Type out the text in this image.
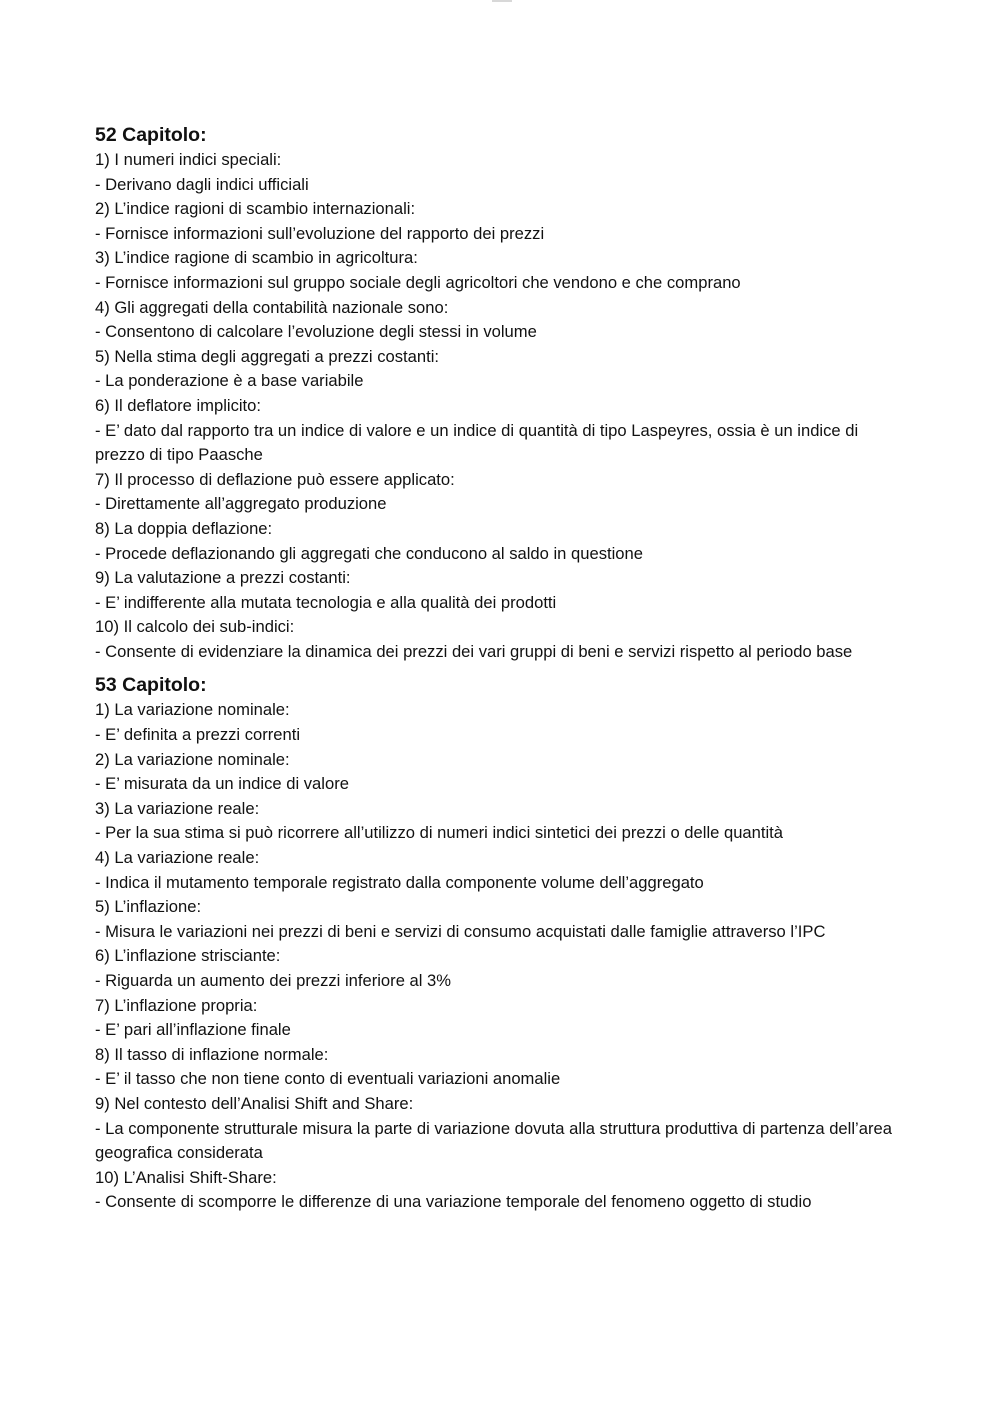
52 Capitolo:
1) I numeri indici speciali:
- Derivano dagli indici ufficiali
2) L’indice ragioni di scambio internazionali:
- Fornisce informazioni sull’evoluzione del rapporto dei prezzi
3) L’indice ragione di scambio in agricoltura:
- Fornisce informazioni sul gruppo sociale degli agricoltori che vendono e che comprano
4) Gli aggregati della contabilità nazionale sono:
- Consentono di calcolare l’evoluzione degli stessi in volume
5) Nella stima degli aggregati a prezzi costanti:
- La ponderazione è a base variabile
6) Il deflatore implicito:
- E’ dato dal rapporto tra un indice di valore e un indice di quantità di tipo Laspeyres, ossia è un indice di prezzo di tipo Paasche
7) Il processo di deflazione può essere applicato:
- Direttamente all’aggregato produzione
8) La doppia deflazione:
- Procede deflazionando gli aggregati che conducono al saldo in questione
9) La valutazione a prezzi costanti:
- E’ indifferente alla mutata tecnologia e alla qualità dei prodotti
10) Il calcolo dei sub-indici:
- Consente di evidenziare la dinamica dei prezzi dei vari gruppi di beni e servizi rispetto al periodo base
53 Capitolo:
1) La variazione nominale:
- E’ definita a prezzi correnti
2) La variazione nominale:
- E’ misurata da un indice di valore
3) La variazione reale:
- Per la sua stima si può ricorrere all’utilizzo di numeri indici sintetici dei prezzi o delle quantità
4) La variazione reale:
- Indica il mutamento temporale registrato dalla componente volume dell’aggregato
5) L’inflazione:
- Misura le variazioni nei prezzi di beni e servizi di consumo acquistati dalle famiglie attraverso l’IPC
6) L’inflazione strisciante:
- Riguarda un aumento dei prezzi inferiore al 3%
7) L’inflazione propria:
- E’ pari all’inflazione finale
8) Il tasso di inflazione normale:
- E’ il tasso che non tiene conto di eventuali variazioni anomalie
9) Nel contesto dell’Analisi Shift and Share:
- La componente strutturale misura la parte di variazione dovuta alla struttura produttiva di partenza dell’area geografica considerata
10) L’Analisi Shift-Share:
- Consente di scomporre le differenze di una variazione temporale del fenomeno oggetto di studio
